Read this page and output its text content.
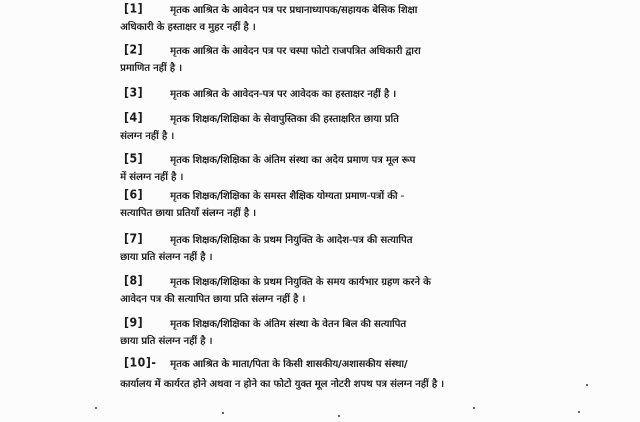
[1]	मृतक आश्रित के आवेदन पत्र पर प्रधानाध्यापक/सहायक बेसिक शिक्षा
अधिकारी के हस्ताक्षर व मुहर नहीं है ।
[2]	मृतक आश्रित के आवेदन पत्र पर चस्पा फोटो राजपत्रित अधिकारी द्वारा
प्रमाणित नहीं है ।
[3]	मृतक आश्रित के आवेदन-पत्र पर आवेदक का हस्ताक्षर नहीं है ।
[4]	मृतक शिक्षक/शिक्षिका के सेवापुस्तिका की हस्ताक्षरित छाया प्रति
संलग्न नहीं है ।
[5]	मृतक शिक्षक/शिक्षिका के अंतिम संस्था का अदेय प्रमाण पत्र मूल रूप
में संलग्न नहीं है ।
[6]	मृतक शिक्षक/शिक्षिका के समस्त शैक्षिक योग्यता प्रमाण-पत्रों की -
सत्यापित छाया प्रतियाँ संलग्न नहीं है ।
[7]	मृतक शिक्षक/शिक्षिका के प्रथम नियुक्ति के आदेश-पत्र की सत्यापित
छाया प्रति संलग्न नहीं है ।
[8]	मृतक शिक्षक/शिक्षिका के प्रथम नियुक्ति के समय कार्यभार ग्रहण करने के
आवेदन पत्र की सत्यापित छाया प्रति संलग्न नहीं है ।
[9]	मृतक शिक्षक/शिक्षिका के अंतिम संस्था के वेतन बिल की सत्यापित
छाया प्रति संलग्न नहीं है ।
[10]- मृतक आश्रित के माता/पिता के किसी शासकीय/अशासकीय संस्था/
कार्यालय में कार्यरत होने अथवा न होने का फोटो युक्त मूल नोटरी शपथ पत्र संलग्न नहीं है ।
